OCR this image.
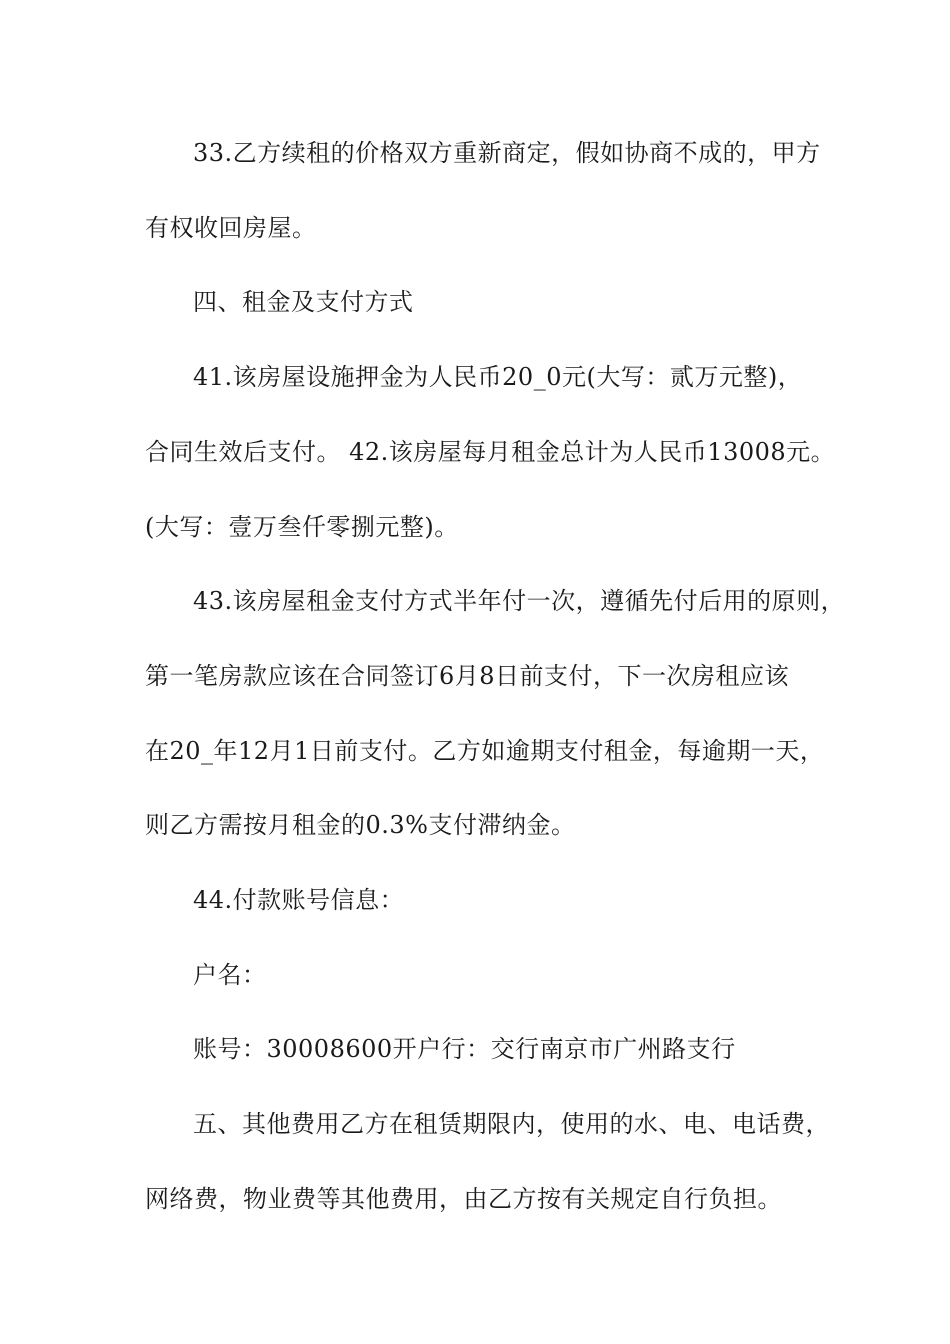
33.乙方续租的价格双方重新商定，假如协商不成的，甲方
有权收回房屋。
四、租金及支付方式
41.该房屋设施押金为人民币20_0元(大写：贰万元整)，
合同生效后支付。 42.该房屋每月租金总计为人民币13008元。
(大写：壹万叁仟零捌元整)。
43.该房屋租金支付方式半年付一次，遵循先付后用的原则，
第一笔房款应该在合同签订6月8日前支付，下一次房租应该
在20_年12月1日前支付。乙方如逾期支付租金，每逾期一天，
则乙方需按月租金的0.3%支付滞纳金。
44.付款账号信息：
户名：
账号：30008600开户行：交行南京市广州路支行
五、其他费用乙方在租赁期限内，使用的水、电、电话费，
网络费，物业费等其他费用，由乙方按有关规定自行负担。
